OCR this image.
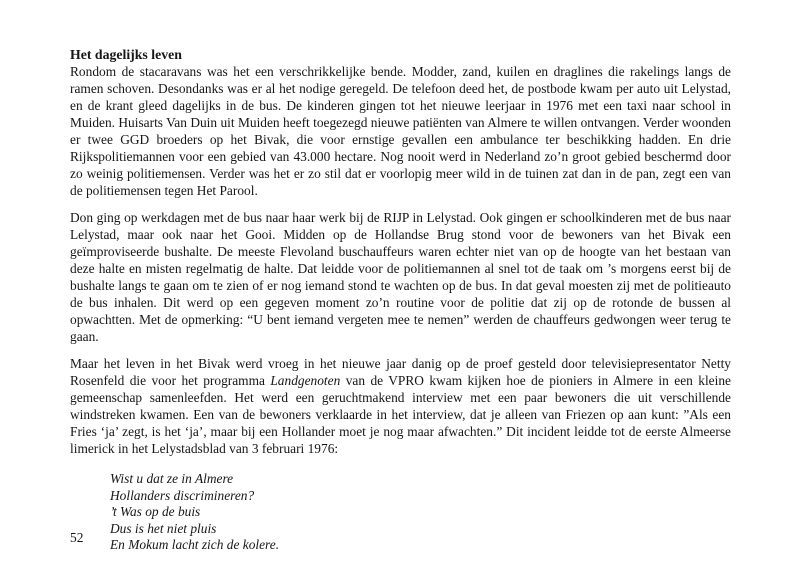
Het dagelijks leven

Rondom de stacaravans was het een verschrikkelijke bende. Modder, zand, kuilen en draglines die rakelings langs de ramen schoven. Desondanks was er al het nodige geregeld. De telefoon deed het, de postbode kwam per auto uit Lelystad, en de krant gleed dagelijks in de bus. De kinderen gingen tot het nieuwe leerjaar in 1976 met een taxi naar school in Muiden. Huisarts Van Duin uit Muiden heeft toegezegd nieuwe patiënten van Almere te willen ontvangen. Verder woonden er twee GGD broeders op het Bivak, die voor ernstige gevallen een ambulance ter beschikking hadden. En drie Rijkspolitiemannen voor een gebied van 43.000 hectare. Nog nooit werd in Nederland zo’n groot gebied beschermd door zo weinig politiemensen. Verder was het er zo stil dat er voorlopig meer wild in de tuinen zat dan in de pan, zegt een van de politiemensen tegen Het Parool.

Don ging op werkdagen met de bus naar haar werk bij de RIJP in Lelystad. Ook gingen er schoolkinderen met de bus naar Lelystad, maar ook naar het Gooi. Midden op de Hollandse Brug stond voor de bewoners van het Bivak een geïmproviseerde bushalte. De meeste Flevoland buschauffeurs waren echter niet van op de hoogte van het bestaan van deze halte en misten regelmatig de halte. Dat leidde voor de politiemannen al snel tot de taak om ’s morgens eerst bij de bushalte langs te gaan om te zien of er nog iemand stond te wachten op de bus. In dat geval moesten zij met de politieauto de bus inhalen. Dit werd op een gegeven moment zo’n routine voor de politie dat zij op de rotonde de bussen al opwachtten. Met de opmerking: “U bent iemand vergeten mee te nemen” werden de chauffeurs gedwongen weer terug te gaan.

Maar het leven in het Bivak werd vroeg in het nieuwe jaar danig op de proef gesteld door televisiepresentator Netty Rosenfeld die voor het programma Landgenoten van de VPRO kwam kijken hoe de pioniers in Almere in een kleine gemeenschap samenleefden. Het werd een geruchtmakend interview met een paar bewoners die uit verschillende windstreken kwamen. Een van de bewoners verklaarde in het interview, dat je alleen van Friezen op aan kunt: ”Als een Fries ‘ja’ zegt, is het ‘ja’, maar bij een Hollander moet je nog maar afwachten.” Dit incident leidde tot de eerste Almeerse limerick in het Lelystadsblad van 3 februari 1976:

Wist u dat ze in Almere
Hollanders discrimineren?
’t Was op de buis
Dus is het niet pluis
En Mokum lacht zich de kolere.
52
